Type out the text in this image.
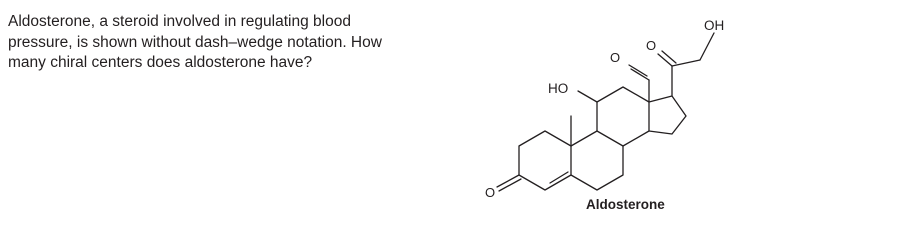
Aldosterone, a steroid involved in regulating blood
pressure, is shown without dash–wedge notation. How
many chiral centers does aldosterone have?
O
O
O
OH
HO
Aldosterone
